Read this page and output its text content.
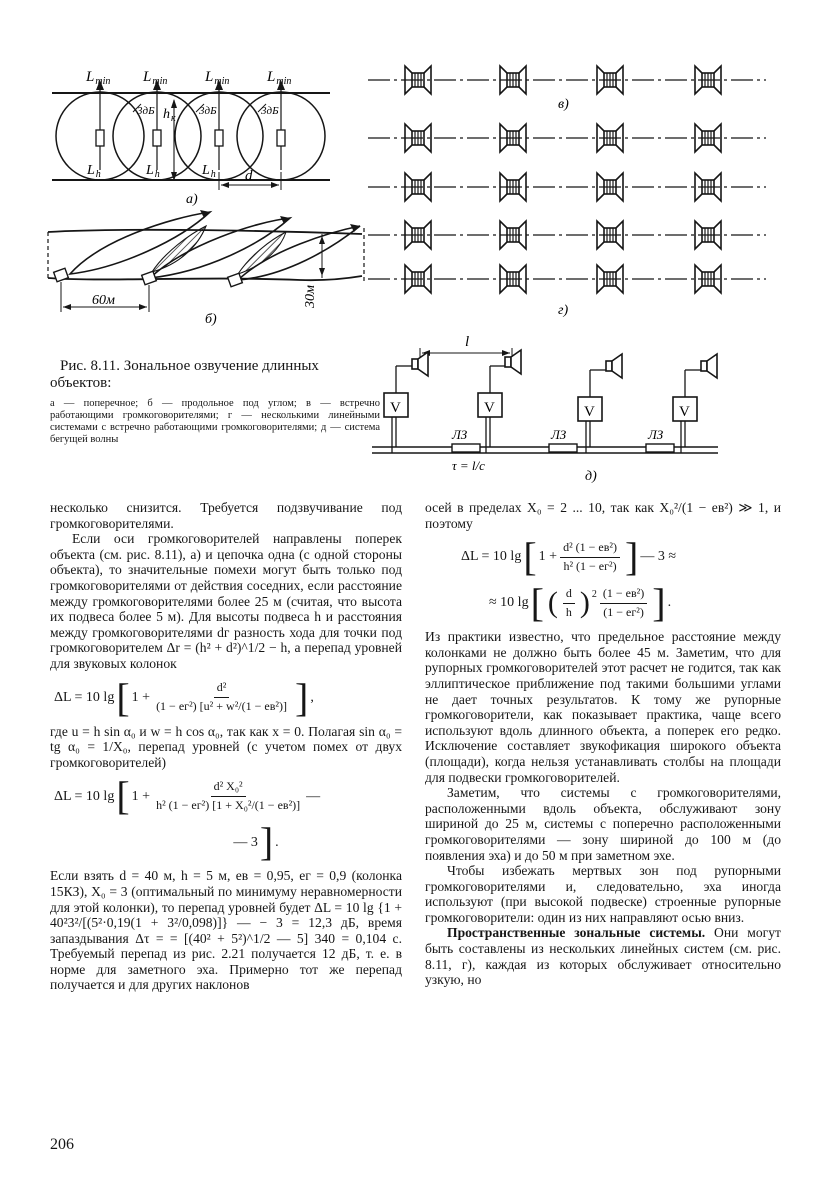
$L_{min}$ $L_{min}$	$L_{min}$	$L_{min}$
3дБ	3дБ	3дБ
$h_к$
$L_h$	$L_h$	$L_h$ d
а)
60м	30м
б)
в)
г)
l
ЛЗ	ЛЗ	ЛЗ
τ = l/c
V	V	V	V
д)

Рис. 8.11. Зональное озвучение длинных объектов:

а — поперечное; б — продольное под углом; в — встречно работающими громкоговорителями; г — несколькими линейными системами с встречно работающими громкоговорителями; д — система бегущей волны

несколько снизится. Требуется подзвучивание под громкоговорителями.

Если оси громкоговорителей направлены поперек объекта (см. рис. 8.11), а) и цепочка одна (с одной стороны объекта), то значительные помехи могут быть только под громкоговорителями от действия соседних, если расстояние между громкоговорителями более 25 м (считая, что высота их подвеса более 5 м). Для высоты подвеса h и расстояния между громкоговорителями dг разность хода для точки под громкоговорителем Δr = (h² + d²)^1/2 − h, а перепад уровней для звуковых колонок

ΔL = 10 lg [ $1 + \frac{\text{d²}}{\text{(1 − eг²) [u² + w²/(1 − eв²)]}}$ ] ,

где u = h sin α₀ и w = h cos α₀, так как x = 0. Полагая sin α₀ = tg α₀ = 1/X₀, перепад уровней (с учетом помех от двух громкоговорителей)

ΔL = 10 lg [ $1 + \frac{\text{d² X₀²}}{\text{h² (1 − eг²) [1 + X₀²/(1 − eв²)]}}$ —
— 3 ] .

Если взять d = 40 м, h = 5 м, eв = 0,95, eг = 0,9 (колонка 15КЗ), X₀ = 3 (оптимальный по минимуму неравномерности для этой колонки), то перепад уровней будет ΔL = 10 lg {1 + 40²3²/[(5²·0,19(1 + 3²/0,098)]} — − 3 = 12,3 дБ, время запаздывания Δτ = = [(40² + 5²)^1/2 — 5] 340 = 0,104 с. Требуемый перепад из рис. 2.21 получается 12 дБ, т. е. в норме для заметного эха. Примерно тот же перепад получается и для других наклонов

осей в пределах X₀ = 2 ... 10, так как X₀²/(1 − eв²) ≫ 1, и поэтому

ΔL = 10 lg [ $1 + \frac{\text{d² (1 − eв²)}}{\text{h² (1 − eг²)}}$ ] — 3 ≈
≈ 10 lg [ ( $\frac{d}{h}$ ) $2 \frac{\text{(1 − eв²)}}{\text{(1 − eг²)}}$ ] .

Из практики известно, что предельное расстояние между колонками не должно быть более 45 м. Заметим, что для рупорных громкоговорителей этот расчет не годится, так как эллиптическое приближение под такими большими углами не дает точных результатов. К тому же рупорные громкоговорители, как показывает практика, чаще всего используют вдоль длинного объекта, а поперек его редко. Исключение составляет звукофикация широкого объекта (площади), когда нельзя устанавливать столбы на площади для подвески громкоговорителей.

Заметим, что системы с громкоговорителями, расположенными вдоль объекта, обслуживают зону шириной до 25 м, системы с поперечно расположенными громкоговорителями — зону шириной до 100 м (до появления эха) и до 50 м при заметном эхе.

Чтобы избежать мертвых зон под рупорными громкоговорителями и, следовательно, эха иногда используют (при высокой подвеске) строенные рупорные громкоговорители: один из них направляют осью вниз.

Пространственные зональные системы. Они могут быть составлены из нескольких линейных систем (см. рис. 8.11, г), каждая из которых обслуживает относительно узкую, но

206
